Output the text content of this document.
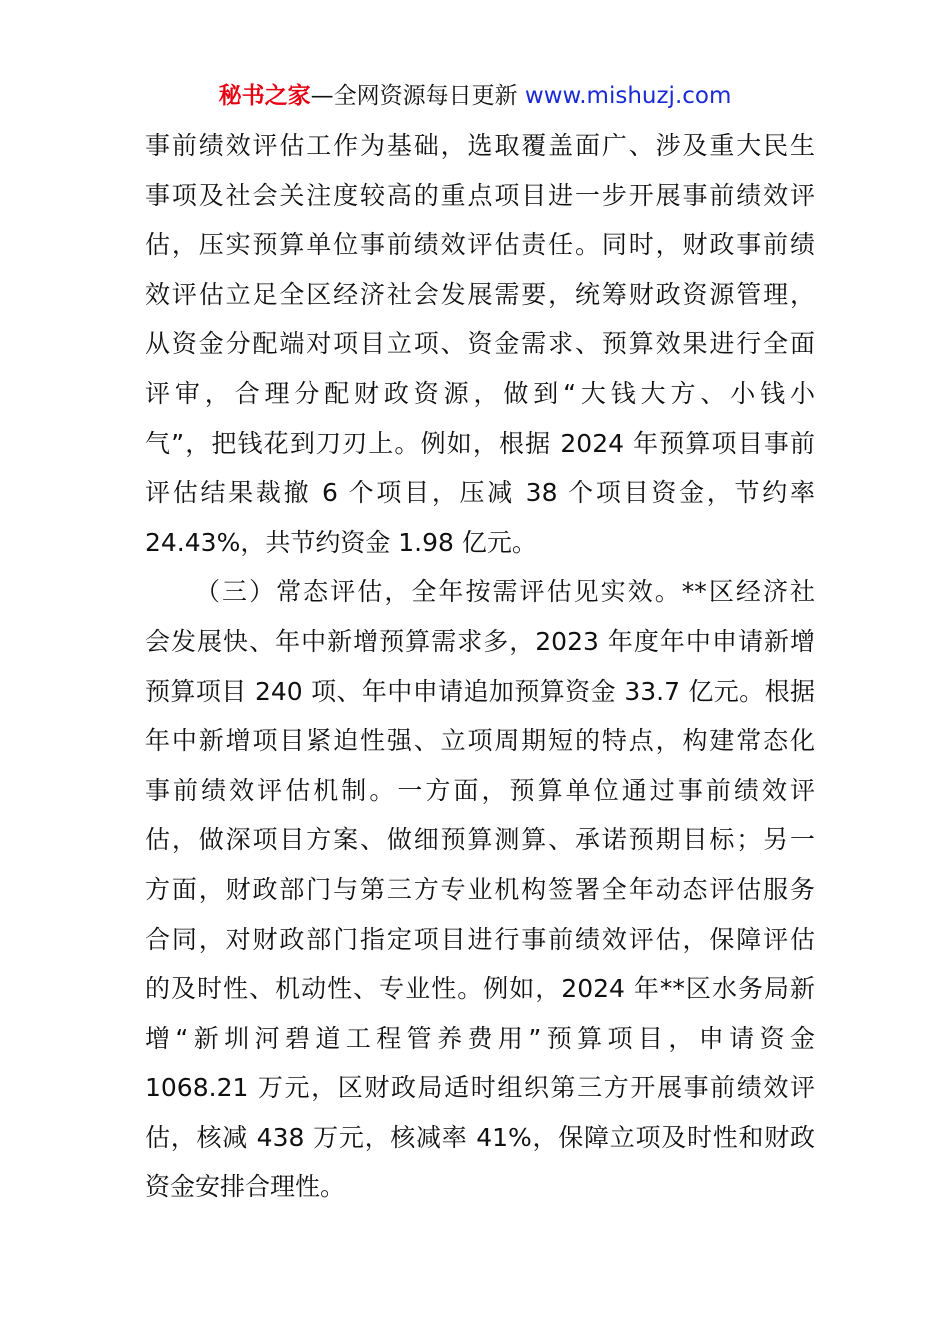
秘书之家—全网资源每日更新 www.mishuzj.com
事前绩效评估工作为基础，选取覆盖面广、涉及重大民生
事项及社会关注度较高的重点项目进一步开展事前绩效评
估，压实预算单位事前绩效评估责任。同时，财政事前绩
效评估立足全区经济社会发展需要，统筹财政资源管理，
从资金分配端对项目立项、资金需求、预算效果进行全面
评审，合理分配财政资源，做到“大钱大方、小钱小
气”，把钱花到刀刃上。例如，根据 2024 年预算项目事前
评估结果裁撤 6 个项目，压减 38 个项目资金，节约率
24.43%，共节约资金 1.98 亿元。
（三）常态评估，全年按需评估见实效。**区经济社
会发展快、年中新增预算需求多，2023 年度年中申请新增
预算项目 240 项、年中申请追加预算资金 33.7 亿元。根据
年中新增项目紧迫性强、立项周期短的特点，构建常态化
事前绩效评估机制。一方面，预算单位通过事前绩效评
估，做深项目方案、做细预算测算、承诺预期目标；另一
方面，财政部门与第三方专业机构签署全年动态评估服务
合同，对财政部门指定项目进行事前绩效评估，保障评估
的及时性、机动性、专业性。例如，2024 年**区水务局新
增“新圳河碧道工程管养费用”预算项目，申请资金
1068.21 万元，区财政局适时组织第三方开展事前绩效评
估，核减 438 万元，核减率 41%，保障立项及时性和财政
资金安排合理性。
